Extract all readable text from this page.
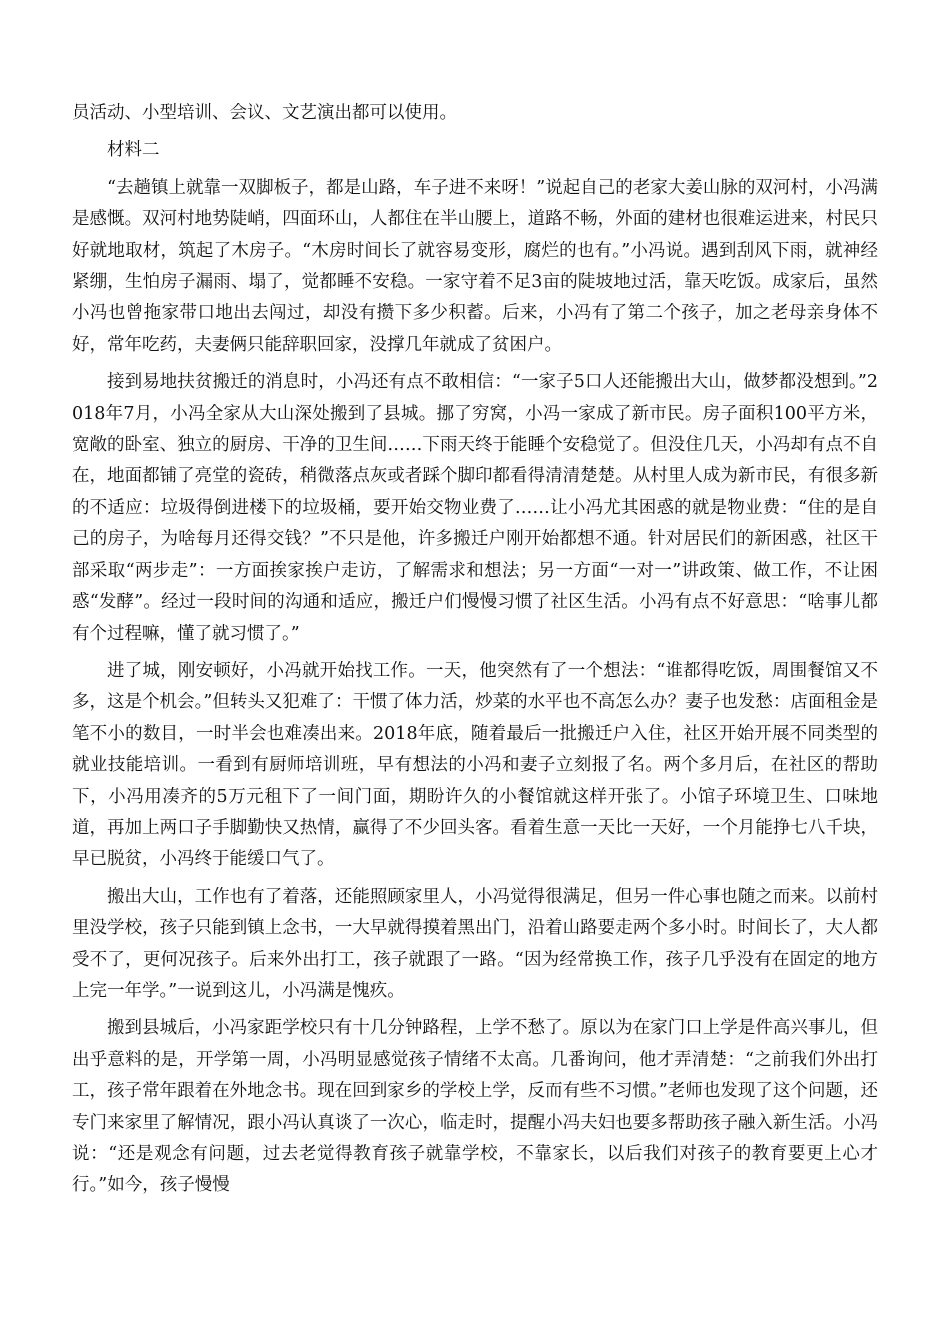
员活动、小型培训、会议、文艺演出都可以使用。

材料二

“去趟镇上就靠一双脚板子，都是山路，车子进不来呀！”说起自己的老家大姜山脉的双河村，小冯满是感慨。双河村地势陡峭，四面环山，人都住在半山腰上，道路不畅，外面的建材也很难运进来，村民只好就地取材，筑起了木房子。“木房时间长了就容易变形，腐烂的也有。”小冯说。遇到刮风下雨，就神经紧绷，生怕房子漏雨、塌了，觉都睡不安稳。一家守着不足3亩的陡坡地过活，靠天吃饭。成家后，虽然小冯也曾拖家带口地出去闯过，却没有攒下多少积蓄。后来，小冯有了第二个孩子，加之老母亲身体不好，常年吃药，夫妻俩只能辞职回家，没撑几年就成了贫困户。

接到易地扶贫搬迁的消息时，小冯还有点不敢相信：“一家子5口人还能搬出大山，做梦都没想到。”2018年7月，小冯全家从大山深处搬到了县城。挪了穷窝，小冯一家成了新市民。房子面积100平方米，宽敞的卧室、独立的厨房、干净的卫生间……下雨天终于能睡个安稳觉了。但没住几天，小冯却有点不自在，地面都铺了亮堂的瓷砖，稍微落点灰或者踩个脚印都看得清清楚楚。从村里人成为新市民，有很多新的不适应：垃圾得倒进楼下的垃圾桶，要开始交物业费了……让小冯尤其困惑的就是物业费：“住的是自己的房子，为啥每月还得交钱？”不只是他，许多搬迁户刚开始都想不通。针对居民们的新困惑，社区干部采取“两步走”：一方面挨家挨户走访，了解需求和想法；另一方面“一对一”讲政策、做工作，不让困惑“发酵”。经过一段时间的沟通和适应，搬迁户们慢慢习惯了社区生活。小冯有点不好意思：“啥事儿都有个过程嘛，懂了就习惯了。”

进了城，刚安顿好，小冯就开始找工作。一天，他突然有了一个想法：“谁都得吃饭，周围餐馆又不多，这是个机会。”但转头又犯难了：干惯了体力活，炒菜的水平也不高怎么办？妻子也发愁：店面租金是笔不小的数目，一时半会也难凑出来。2018年底，随着最后一批搬迁户入住，社区开始开展不同类型的就业技能培训。一看到有厨师培训班，早有想法的小冯和妻子立刻报了名。两个多月后，在社区的帮助下，小冯用凑齐的5万元租下了一间门面，期盼许久的小餐馆就这样开张了。小馆子环境卫生、口味地道，再加上两口子手脚勤快又热情，赢得了不少回头客。看着生意一天比一天好，一个月能挣七八千块，早已脱贫，小冯终于能缓口气了。

搬出大山，工作也有了着落，还能照顾家里人，小冯觉得很满足，但另一件心事也随之而来。以前村里没学校，孩子只能到镇上念书，一大早就得摸着黑出门，沿着山路要走两个多小时。时间长了，大人都受不了，更何况孩子。后来外出打工，孩子就跟了一路。“因为经常换工作，孩子几乎没有在固定的地方上完一年学。”一说到这儿，小冯满是愧疚。

搬到县城后，小冯家距学校只有十几分钟路程，上学不愁了。原以为在家门口上学是件高兴事儿，但出乎意料的是，开学第一周，小冯明显感觉孩子情绪不太高。几番询问，他才弄清楚：“之前我们外出打工，孩子常年跟着在外地念书。现在回到家乡的学校上学，反而有些不习惯。”老师也发现了这个问题，还专门来家里了解情况，跟小冯认真谈了一次心，临走时，提醒小冯夫妇也要多帮助孩子融入新生活。小冯说：“还是观念有问题，过去老觉得教育孩子就靠学校，不靠家长，以后我们对孩子的教育要更上心才行。”如今，孩子慢慢
